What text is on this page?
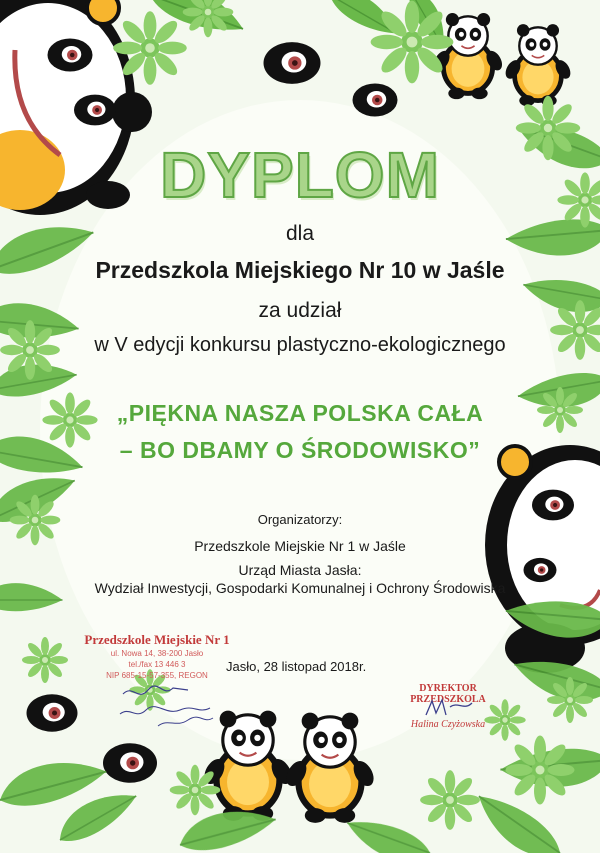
DYPLOM

dla

Przedszkola Miejskiego Nr 10 w Jaśle

za udział

w V edycji konkursu plastyczno-ekologicznego

„PIĘKNA NASZA POLSKA CAŁA

– BO DBAMY O ŚRODOWISKO”

Organizatorzy:

Przedszkole Miejskie Nr 1 w Jaśle

Urząd Miasta Jasła:

Wydział Inwestycji, Gospodarki Komunalnej i Ochrony Środowiska

Jasło, 28 listopad 2018r.

Przedszkole Miejskie Nr 1
ul. Nowa 14, 38-200 Jasło
tel./fax 13 446 3
NIP 685-15-57-355, REGON
DYREKTOR PRZEDSZKOLA
Halina Czyżowska
